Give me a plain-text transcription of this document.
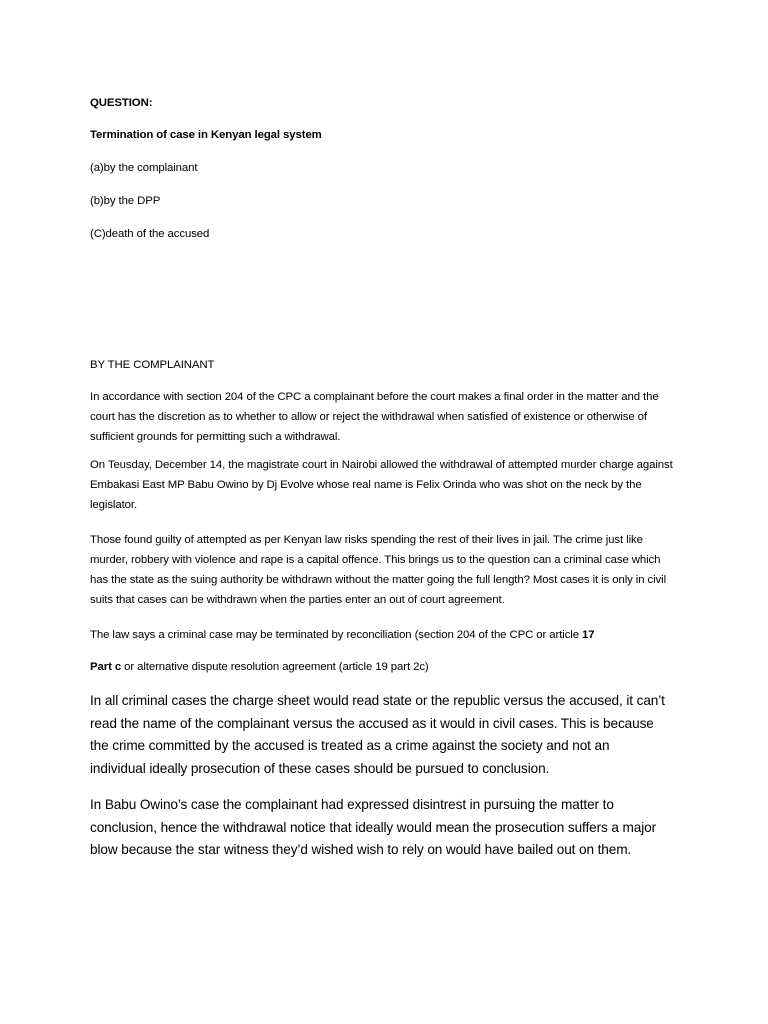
QUESTION:

Termination of case in Kenyan legal system

(a)by the complainant

(b)by the DPP

(C)death of the accused

BY THE COMPLAINANT

In accordance with section 204 of the CPC a complainant before the court makes a final order in the matter and the court has the discretion as to whether to allow or reject the withdrawal when satisfied of existence or otherwise of sufficient grounds for permitting such a withdrawal.

On Teusday, December 14, the magistrate court in Nairobi allowed the withdrawal of attempted murder charge against Embakasi East MP Babu Owino by Dj Evolve whose real name is Felix Orinda who was shot on the neck by the legislator.

Those found guilty of attempted as per Kenyan law risks spending the rest of their lives in jail. The crime just like murder, robbery with violence and rape is a capital offence. This brings us to the question can a criminal case which has the state as the suing authority be withdrawn without the matter going the full length? Most cases it is only in civil suits that cases can be withdrawn when the parties enter an out of court agreement.

The law says a criminal case may be terminated by reconciliation (section 204 of the CPC or article 17

Part c or alternative dispute resolution agreement (article 19 part 2c)

In all criminal cases the charge sheet would read state or the republic versus the accused, it can’t read the name of the complainant versus the accused as it would in civil cases. This is because the crime committed by the accused is treated as a crime against the society and not an individual ideally prosecution of these cases should be pursued to conclusion.

In Babu Owino’s case the complainant had expressed disintrest in pursuing the matter to conclusion, hence the withdrawal notice that ideally would mean the prosecution suffers a major blow because the star witness they’d wished wish to rely on would have bailed out on them.
